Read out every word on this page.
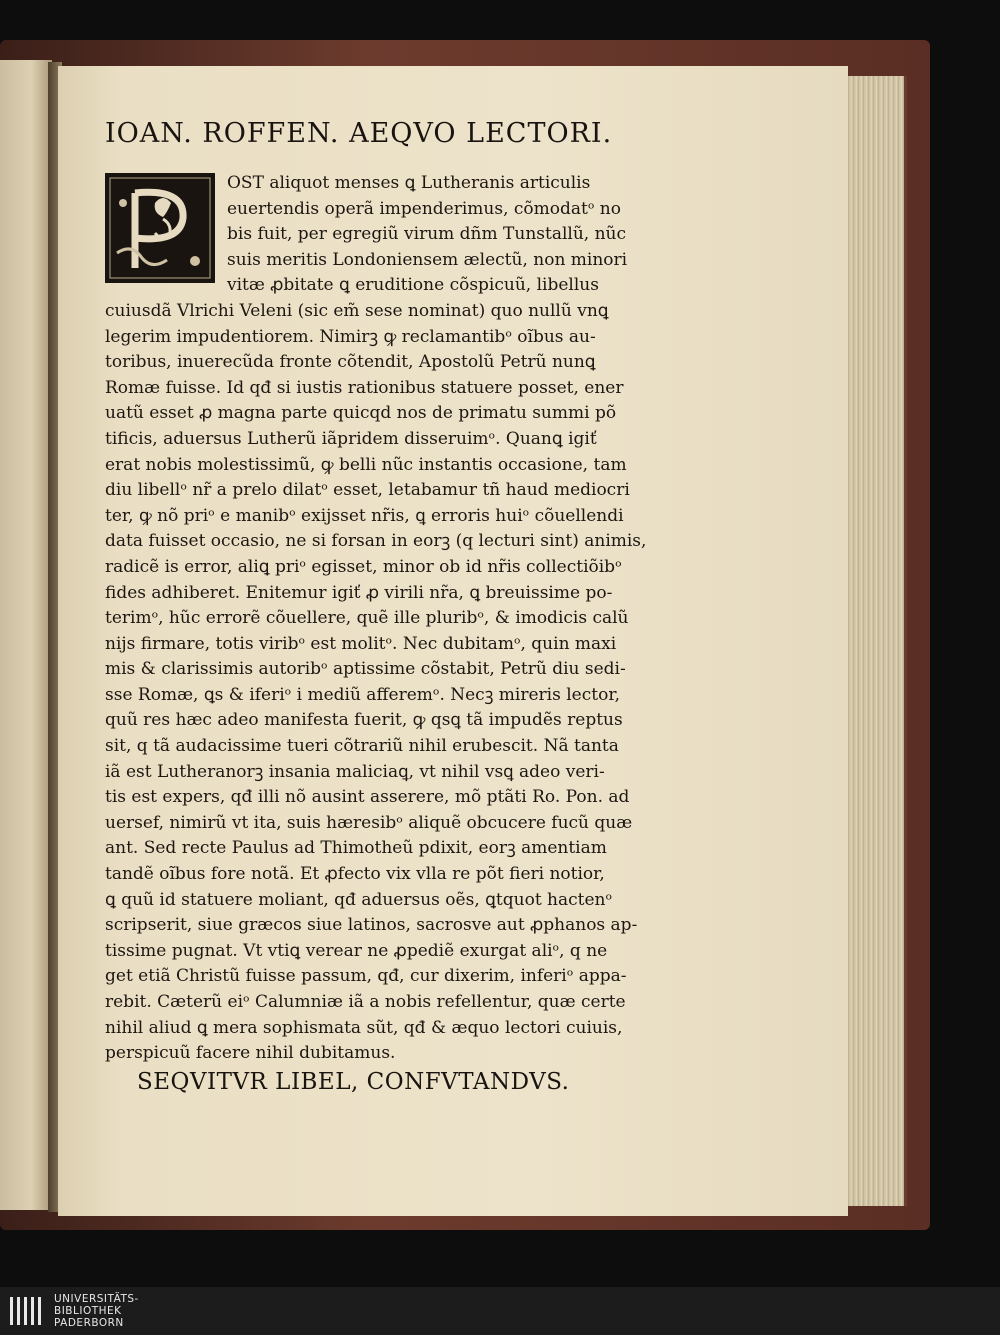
IOAN. ROFFEN. AEQVO LECTORI.
OST aliquot menses ꝗ Lutheranis articulis
euertendis operã impenderimus, cõmodatᵒ no
bis fuit, per egregiũ virum dñm Tunstallũ, nũc
suis meritis Londoniensem ælectũ, non minori
vitæ ꝓbitate ꝗ eruditione cõspicuũ, libellus
cuiusdã Vlrichi Veleni (sic em̃ sese nominat) quo nullũ vnꝗ
legerim impudentiorem. Nimirꝫ ꝙ reclamantibᵒ oĩbus au-
toribus, inuerecũda fronte cõtendit, Apostolũ Petrũ nunꝗ
Romæ fuisse. Id qđ si iustis rationibus statuere posset, ener
uatũ esset ꝓ magna parte quicqd nos de primatu summi põ
tificis, aduersus Lutherũ iãpridem disseruimᵒ. Quanꝗ igiť
erat nobis molestissimũ, ꝙ belli nũc instantis occasione, tam
diu libellᵒ nr̃ a prelo dilatᵒ esset, letabamur tñ haud mediocri
ter, ꝙ nõ priᵒ e manibᵒ exijsset nr̃is, ꝗ erroris huiᵒ cõuellendi
data fuisset occasio, ne si forsan in eorꝫ (q lecturi sint) animis,
radicẽ is error, aliꝗ priᵒ egisset, minor ob id nr̃is collectiõibᵒ
fides adhiberet. Enitemur igiť ꝓ virili nr̃a, ꝗ breuissime po-
terimᵒ, hũc errorẽ cõuellere, quẽ ille pluribᵒ, & imodicis calũ
nijs firmare, totis viribᵒ est molitᵒ. Nec dubitamᵒ, quin maxi
mis & clarissimis autoribᵒ aptissime cõstabit, Petrũ diu sedi-
sse Romæ, ꝗs & iferiᵒ i mediũ afferemᵒ. Necꝫ mireris lector,
quũ res hæc adeo manifesta fuerit, ꝙ qsꝗ tã impudẽs reptus
sit, q tã audacissime tueri cõtrariũ nihil erubescit. Nã tanta
iã est Lutheranorꝫ insania maliciaꝗ, vt nihil vsꝗ adeo veri-
tis est expers, qđ illi nõ ausint asserere, mõ ptãti Ro. Pon. ad
uersef, nimirũ vt ita, suis hæresibᵒ aliquẽ obcucere fucũ quæ
ant. Sed recte Paulus ad Thimotheũ pdixit, eorꝫ amentiam
tandẽ oĩbus fore notã. Et ꝓfecto vix vlla re põt fieri notior,
ꝗ quũ id statuere moliant, qđ aduersus oẽs, ꝗtquot hactenᵒ
scripserit, siue græcos siue latinos, sacrosve aut ꝓphanos ap-
tissime pugnat. Vt vtiꝗ verear ne ꝓpediẽ exurgat aliᵒ, q ne
get etiã Christũ fuisse passum, qđ, cur dixerim, inferiᵒ appa-
rebit. Cæterũ eiᵒ Calumniæ iã a nobis refellentur, quæ certe
nihil aliud ꝗ mera sophismata sũt, qđ & æquo lectori cuiuis,
perspicuũ facere nihil dubitamus.
SEQVITVR LIBEL, CONFVTANDVS.
UNIVERSITÄTS-
BIBLIOTHEK
PADERBORN
